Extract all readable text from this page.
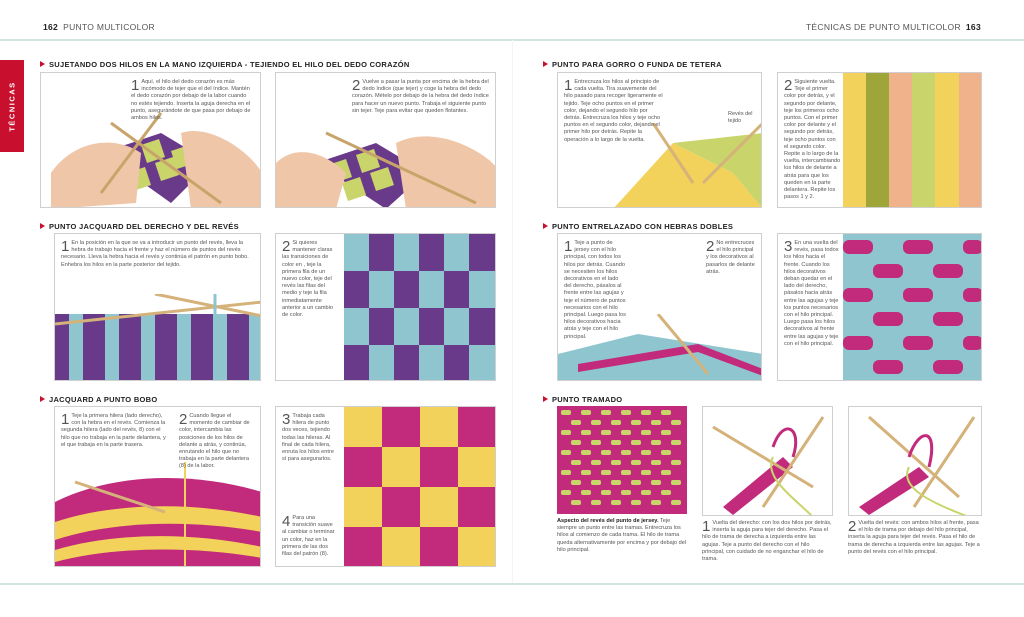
162 PUNTO MULTICOLOR	TÉCNICAS DE PUNTO MULTICOLOR 163
TÉCNICAS
SUJETANDO DOS HILOS EN LA MANO IZQUIERDA - TEJIENDO EL HILO DEL DEDO CORAZÓN
1 Aquí, el hilo del dedo corazón es más incómodo de tejer que el del índice. Mantén el dedo corazón por debajo de la labor cuando no estés tejiendo. Inserta la aguja derecha en el punto, asegurándote de que pasa por debajo de ambos hilos.
2 Vuelve a pasar la punta por encima de la hebra del dedo índice (que tejer) y coge la hebra del dedo corazón. Mételo por debajo de la hebra del dedo índice para hacer un nuevo punto. Trabaja el siguiente punto sin tejer. Teje para evitar que queden flotantes.
PUNTO JACQUARD DEL DERECHO Y DEL REVÉS
1 En la posición en la que se va a introducir un punto del revés, lleva la hebra de trabajo hacia el frente y haz el número de puntos del revés necesario. Lleva la hebra hacia el revés y continúa el patrón en punto bobo. Enhebra los hilos en la parte posterior del tejido.
2 Si quieres mantener claras las transiciones de color en , teje la primera fila de un nuevo color, teje del revés las filas del medio y teje la fila inmediatamente anterior a un cambio de color.
JACQUARD A PUNTO BOBO
1 Teje la primera hilera (lado derecho), con la hebra en el revés. Comienza la segunda hilera (lado del revés, 8) con el hilo que no trabaja en la parte delantera, y el que trabaja en la parte trasera.
2 Cuando llegue el momento de cambiar de color, intercambia las posiciones de los hilos de delante a atrás, y continúa, enrutando el hilo que no trabaja en la parte delantera (8) de la labor.
3 Trabaja cada hilera de punto dos veces, tejiendo todas las hileras. Al final de cada hilera, enruta los hilos entre sí para asegurarlos.
4 Para una transición suave al cambiar o terminar un color, haz en la primera de las dos filas del patrón (8).
PUNTO PARA GORRO O FUNDA DE TETERA
1 Entrecruza los hilos al principio de cada vuelta. Tira suavemente del hilo pasado para recoger ligeramente el tejido. Teje ocho puntos en el primer color, dejando el segundo hilo por detrás. Entrecruza los hilos y teje ocho puntos en el segundo color, dejando el primer hilo por detrás. Repite la operación a lo largo de la vuelta.
Revés del tejido
2 Siguiente vuelta. Teje el primer color por detrás, y el segundo por delante, teje los primeros ocho puntos. Con el primer color por delante y el segundo por detrás, teje ocho puntos con el segundo color. Repite a lo largo de la vuelta, intercambiando los hilos de delante a atrás para que los queden en la parte delantera. Repite los pasos 1 y 2.
PUNTO ENTRELAZADO CON HEBRAS DOBLES
1 Teje a punto de jersey con el hilo principal, con todos los hilos por detrás. Cuando se necesiten los hilos decorativos en el lado del derecho, pásalos al frente entre las agujas y teje el número de puntos necesarios con el hilo principal. Luego pasa los hilos decorativos hacia atrás y teje con el hilo principal.
2 No entrecruces el hilo principal y los decorativos al pasarlos de delante atrás.
3 En una vuelta del revés, pasa todos los hilos hacia el frente. Cuando los hilos decorativos deban quedar en el lado del derecho, pásalos hacia atrás entre las agujas y teje los puntos necesarios con el hilo principal. Luego pasa los hilos decorativos al frente entre las agujas y teje con el hilo principal.
PUNTO TRAMADO
Aspecto del revés del punto de jersey. Teje siempre un punto entre las tramas. Entrecruza los hilos al comienzo de cada trama. El hilo de trama queda alternativamente por encima y por debajo del hilo principal.
1 Vuelta del derecho: con los dos hilos por detrás, inserta la aguja para tejer del derecho. Pasa el hilo de trama de derecha a izquierda entre las agujas. Teje a punto del derecho con el hilo principal, con cuidado de no enganchar el hilo de trama.
2 Vuelta del revés: con ambos hilos al frente, pasa el hilo de trama por debajo del hilo principal, inserta la aguja para tejer del revés. Pasa el hilo de trama de derecha a izquierda entre las agujas. Teje a punto del revés con el hilo principal.
